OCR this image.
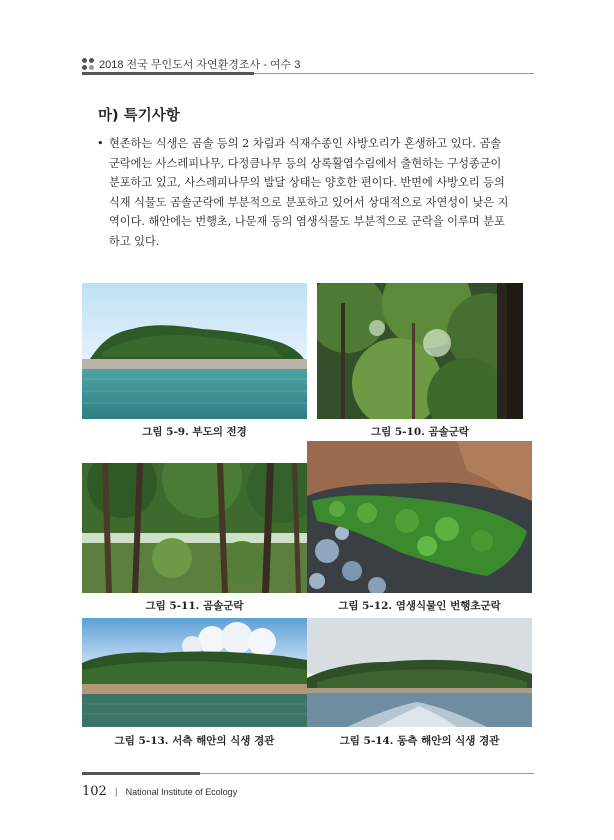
2018 전국 무인도서 자연환경조사 - 여수 3
마) 특기사항
• 현존하는 식생은 곰솔 등의 2 차림과 식재수종인 사방오리가 혼생하고 있다. 곰솔
군락에는 사스레피나무, 다정큼나무 등의 상록활엽수림에서 출현하는 구성종군이
분포하고 있고, 사스레피나무의 발달 상태는 양호한 편이다. 반면에 사방오리 등의
식재 식물도 곰솔군락에 부분적으로 분포하고 있어서 상대적으로 자연성이 낮은 지
역이다. 해안에는 번행초, 나문재 등의 염생식물도 부분적으로 군락을 이루며 분포
하고 있다.
그림 5-9. 부도의 전경	그림 5-10. 곰솔군락
그림 5-11. 곰솔군락	그림 5-12. 염생식물인 번행초군락
그림 5-13. 서측 해안의 식생 경관	그림 5-14. 동측 해안의 식생 경관
102 | National Institute of Ecology
